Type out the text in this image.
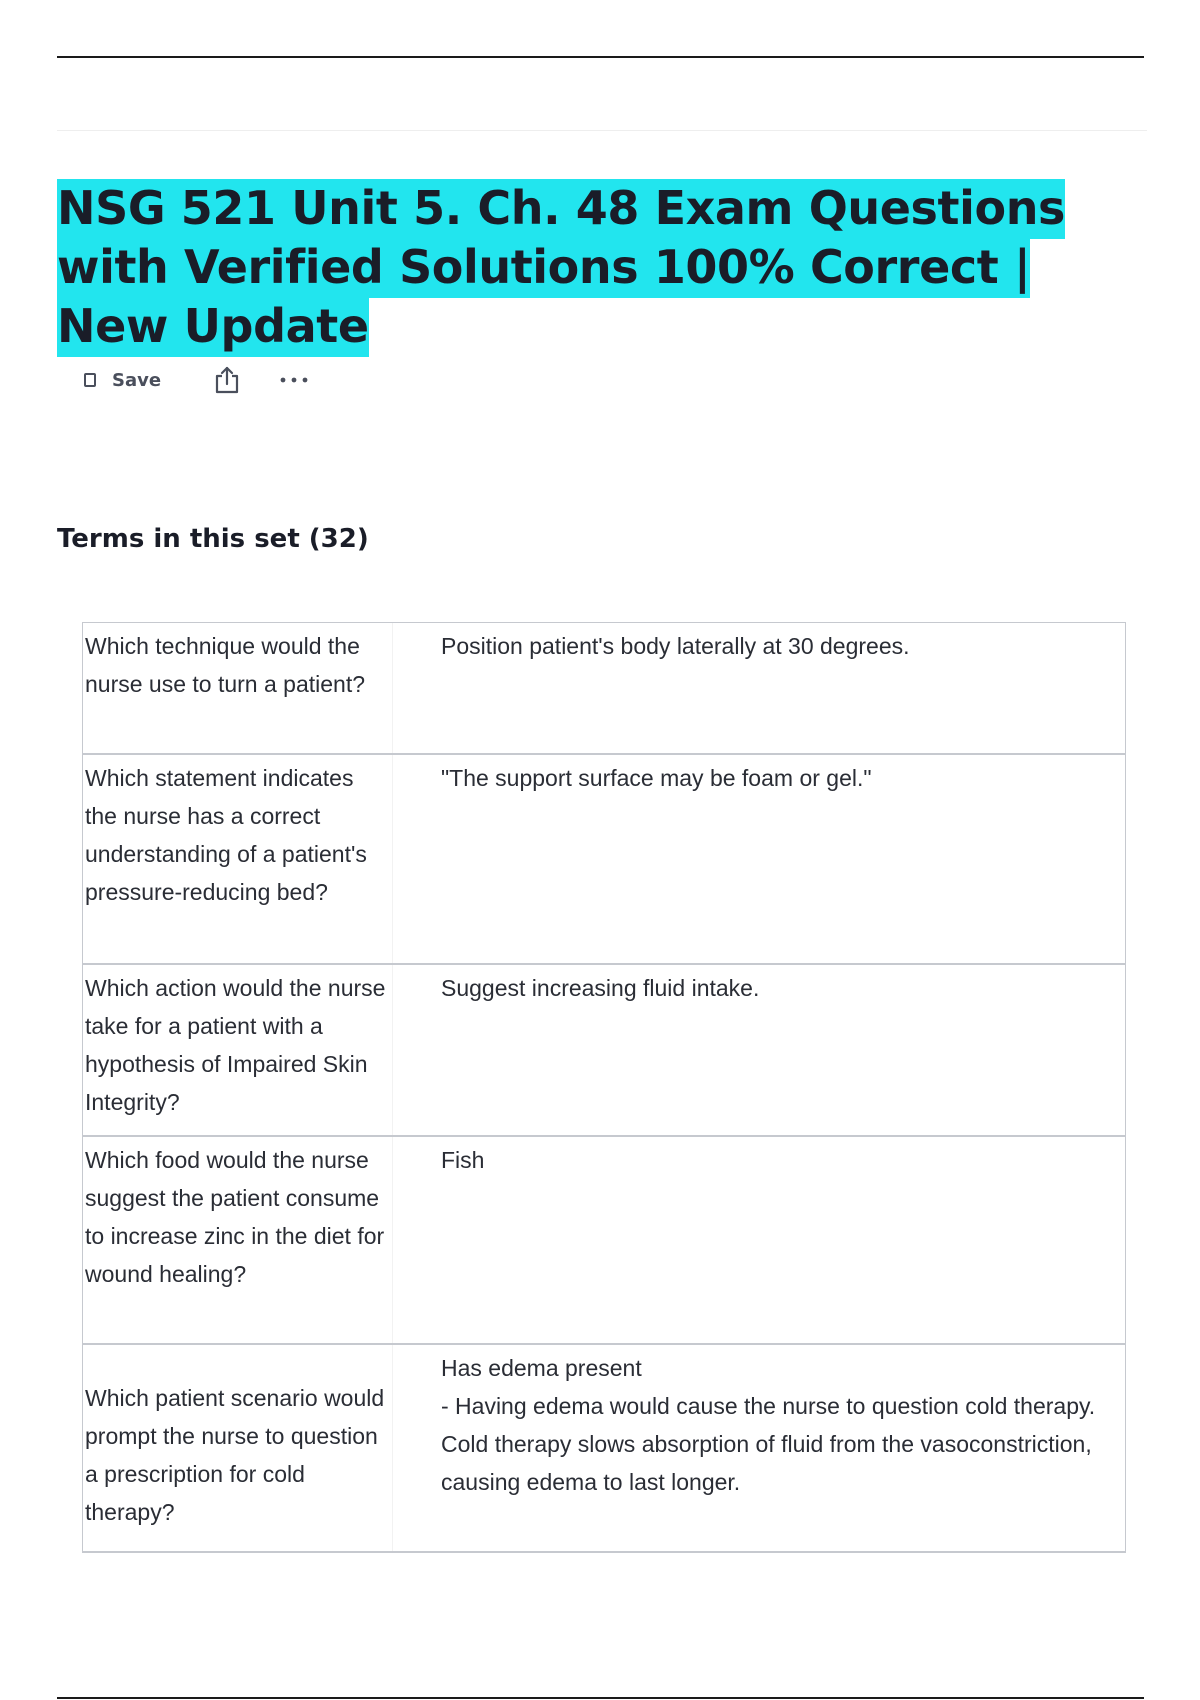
NSG 521 Unit 5. Ch. 48 Exam Questions with Verified Solutions 100% Correct | New Update
Save
Terms in this set (32)
Which technique would the nurse use to turn a patient?
Position patient's body laterally at 30 degrees.
Which statement indicates the nurse has a correct understanding of a patient's pressure-reducing bed?
"The support surface may be foam or gel."
Which action would the nurse take for a patient with a hypothesis of Impaired Skin Integrity?
Suggest increasing fluid intake.
Which food would the nurse suggest the patient consume to increase zinc in the diet for wound healing?
Fish
Which patient scenario would prompt the nurse to question a prescription for cold therapy?
Has edema present
- Having edema would cause the nurse to question cold therapy. Cold therapy slows absorption of fluid from the vasoconstriction, causing edema to last longer.
